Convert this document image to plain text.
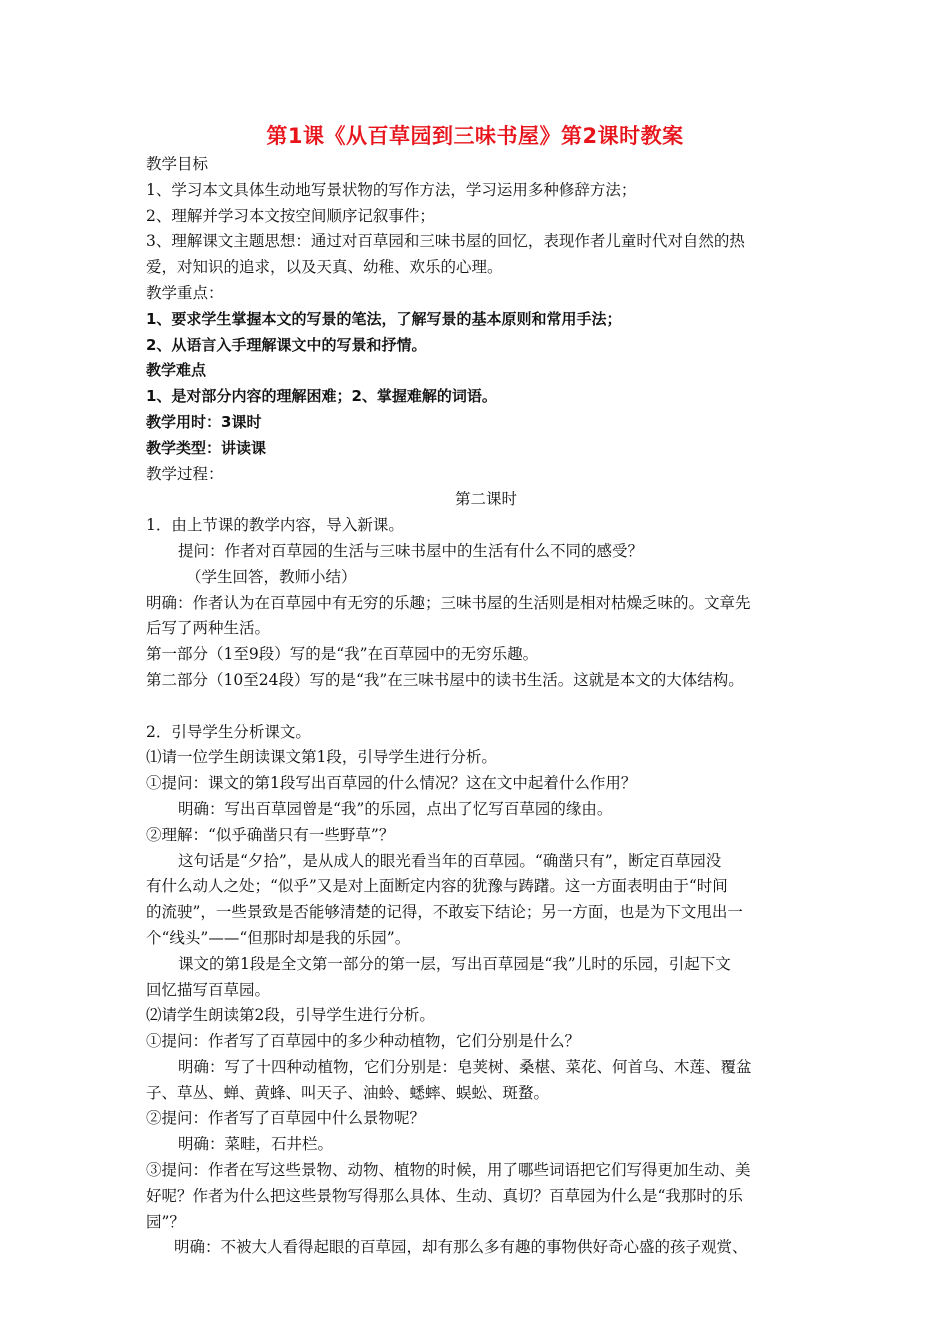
第1课《从百草园到三味书屋》第2课时教案
教学目标
1、学习本文具体生动地写景状物的写作方法，学习运用多种修辞方法；
2、理解并学习本文按空间顺序记叙事件；
3、理解课文主题思想：通过对百草园和三味书屋的回忆，表现作者儿童时代对自然的热
爱，对知识的追求，以及天真、幼稚、欢乐的心理。
教学重点：
1、要求学生掌握本文的写景的笔法，了解写景的基本原则和常用手法；
2、从语言入手理解课文中的写景和抒情。
教学难点
1、是对部分内容的理解困难；2、掌握难解的词语。
教学用时：3课时
教学类型：讲读课
教学过程：
第二课时
1．由上节课的教学内容，导入新课。
提问：作者对百草园的生活与三味书屋中的生活有什么不同的感受？
（学生回答，教师小结）
明确：作者认为在百草园中有无穷的乐趣；三味书屋的生活则是相对枯燥乏味的。文章先
后写了两种生活。
第一部分（1至9段）写的是“我”在百草园中的无穷乐趣。
第二部分（10至24段）写的是“我”在三味书屋中的读书生活。这就是本文的大体结构。
2．引导学生分析课文。
⑴请一位学生朗读课文第1段，引导学生进行分析。
①提问：课文的第1段写出百草园的什么情况？这在文中起着什么作用？
明确：写出百草园曾是“我”的乐园，点出了忆写百草园的缘由。
②理解：“似乎确凿只有一些野草”？
这句话是“夕拾”，是从成人的眼光看当年的百草园。“确凿只有”，断定百草园没
有什么动人之处；“似乎”又是对上面断定内容的犹豫与踌躇。这一方面表明由于“时间
的流驶”，一些景致是否能够清楚的记得，不敢妄下结论；另一方面，也是为下文甩出一
个“线头”——“但那时却是我的乐园”。
课文的第1段是全文第一部分的第一层，写出百草园是“我”儿时的乐园，引起下文
回忆描写百草园。
⑵请学生朗读第2段，引导学生进行分析。
①提问：作者写了百草园中的多少种动植物，它们分别是什么？
明确：写了十四种动植物，它们分别是：皂荚树、桑椹、菜花、何首乌、木莲、覆盆
子、草丛、蝉、黄蜂、叫天子、油蛉、蟋蟀、蜈蚣、斑蝥。
②提问：作者写了百草园中什么景物呢？
明确：菜畦，石井栏。
③提问：作者在写这些景物、动物、植物的时候，用了哪些词语把它们写得更加生动、美
好呢？作者为什么把这些景物写得那么具体、生动、真切？百草园为什么是“我那时的乐
园”？
明确：不被大人看得起眼的百草园，却有那么多有趣的事物供好奇心盛的孩子观赏、
